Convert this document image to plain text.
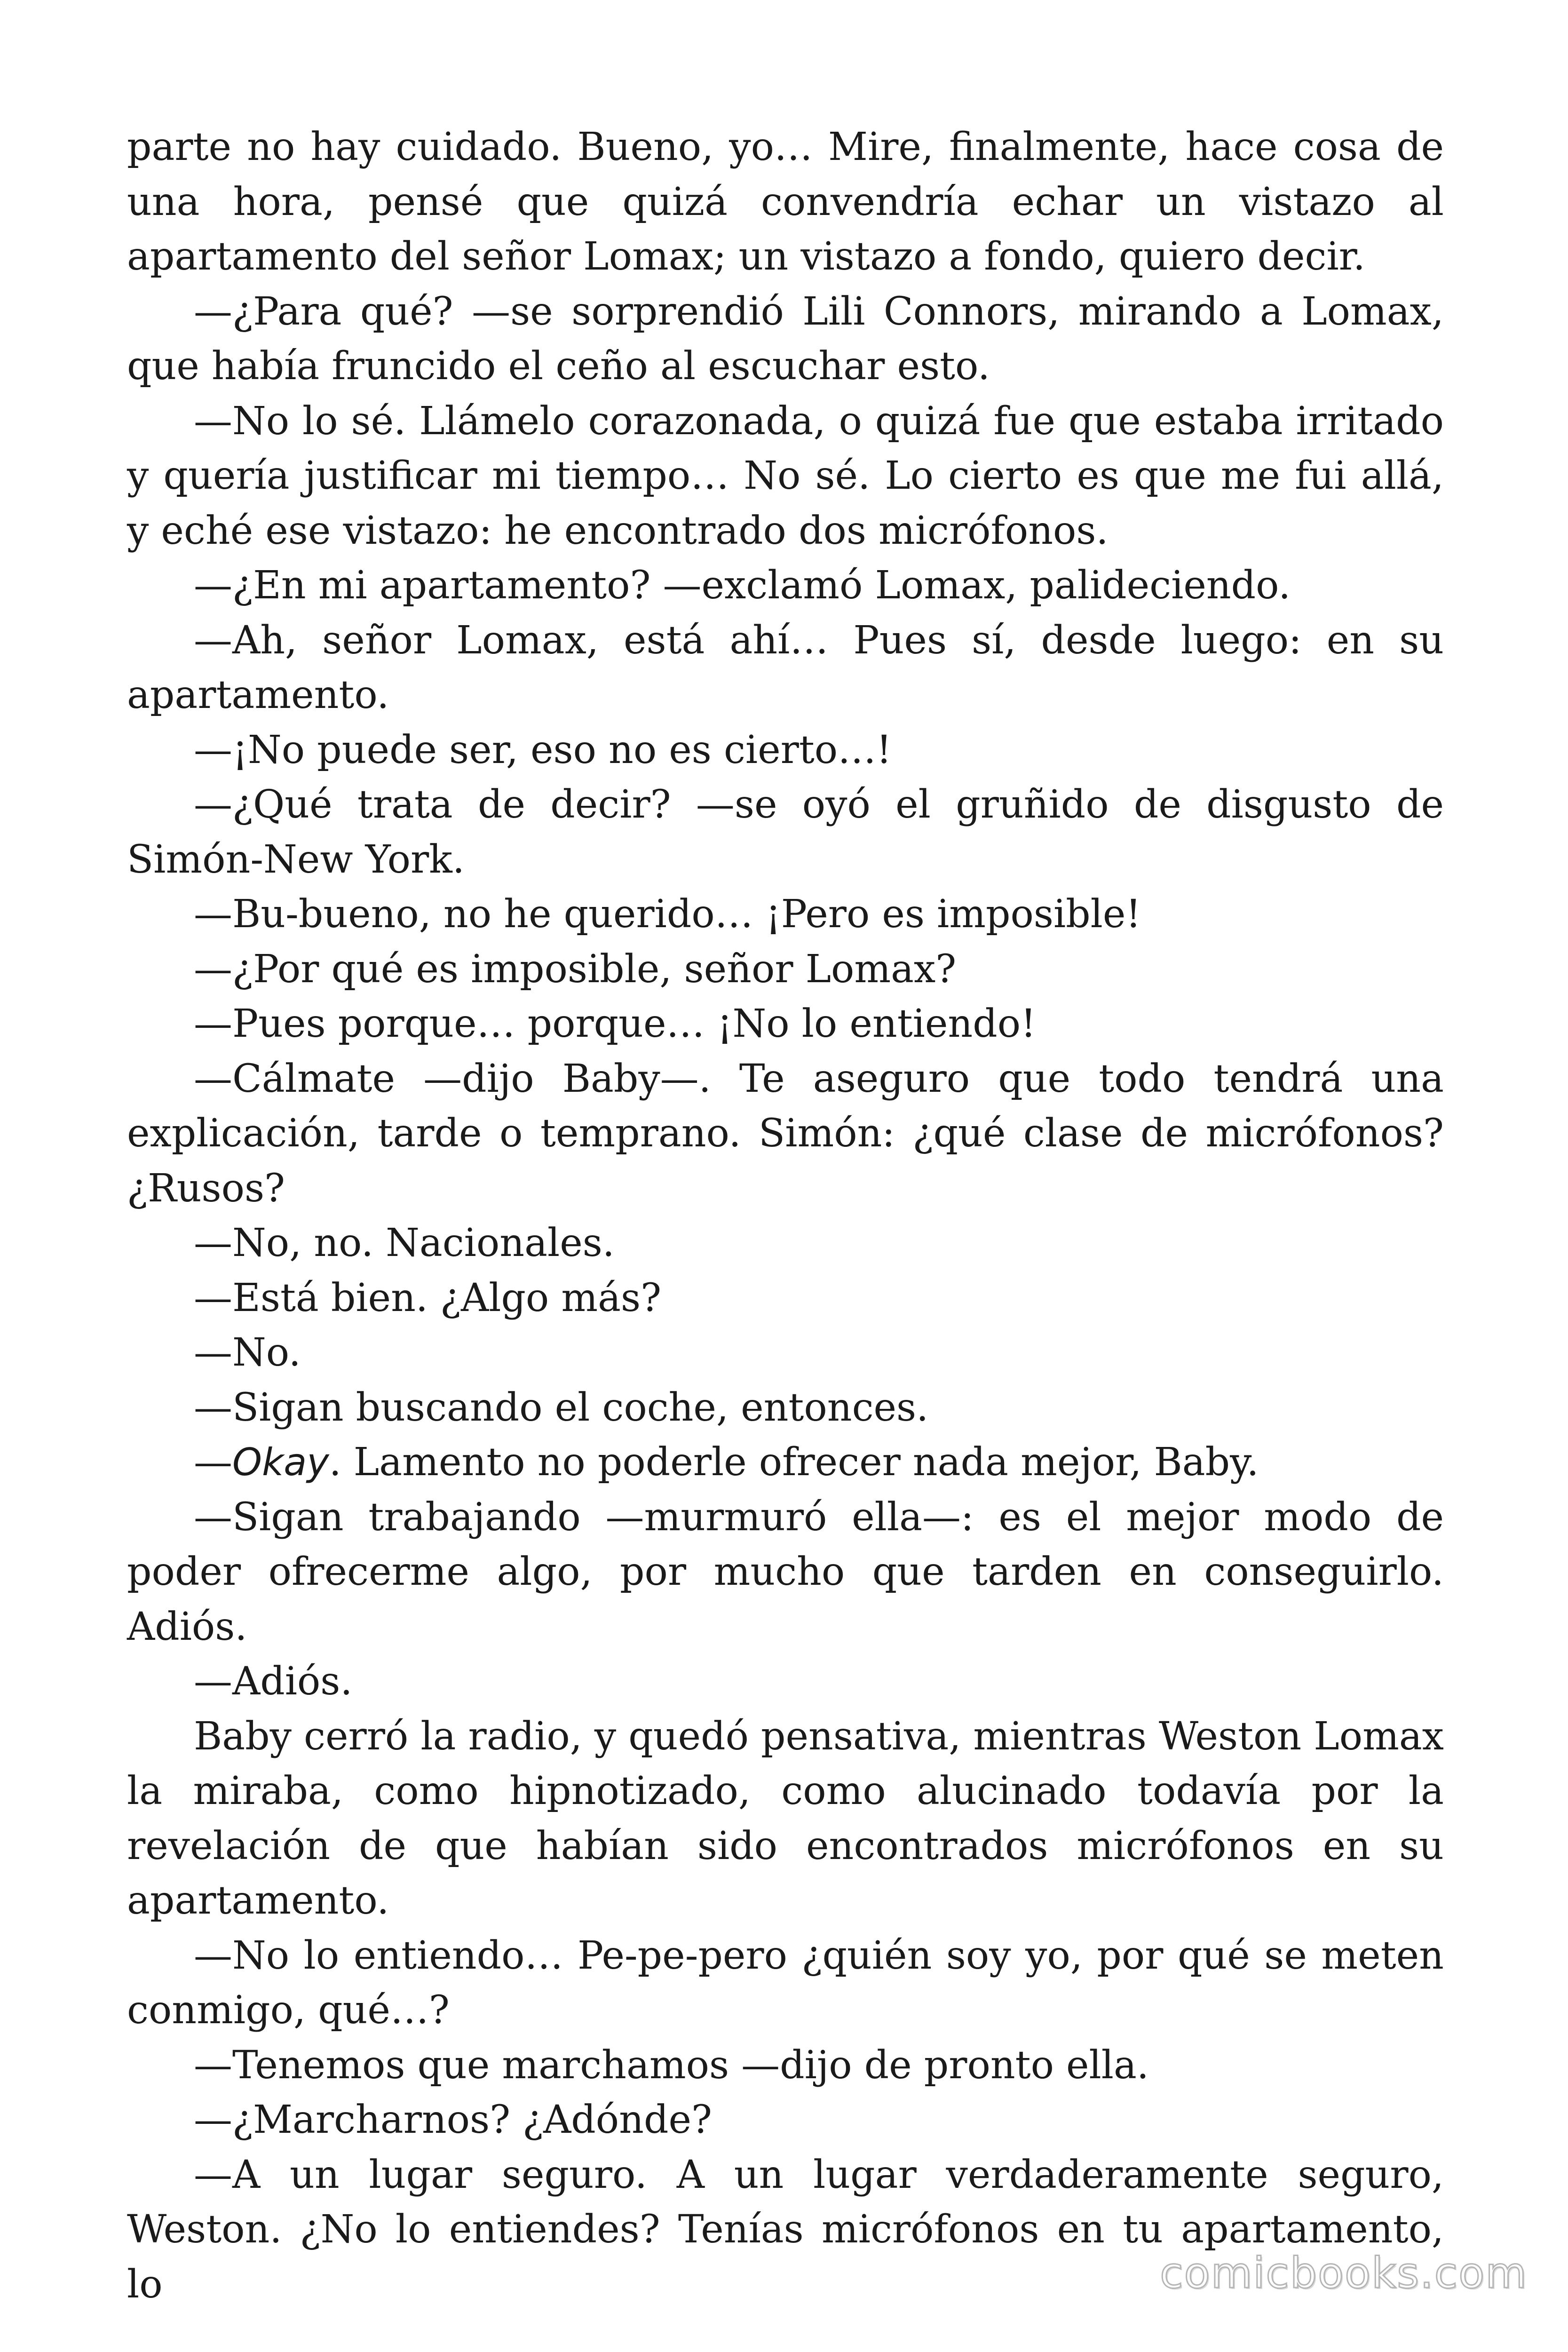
parte no hay cuidado. Bueno, yo… Mire, finalmente, hace cosa de una hora, pensé que quizá convendría echar un vistazo al apartamento del señor Lomax; un vistazo a fondo, quiero decir.

—¿Para qué? —se sorprendió Lili Connors, mirando a Lomax, que había fruncido el ceño al escuchar esto.

—No lo sé. Llámelo corazonada, o quizá fue que estaba irritado y quería justificar mi tiempo… No sé. Lo cierto es que me fui allá, y eché ese vistazo: he encontrado dos micrófonos.

—¿En mi apartamento? —exclamó Lomax, palideciendo.

—Ah, señor Lomax, está ahí… Pues sí, desde luego: en su apartamento.

—¡No puede ser, eso no es cierto…!

—¿Qué trata de decir? —se oyó el gruñido de disgusto de Simón-New York.

—Bu-bueno, no he querido… ¡Pero es imposible!

—¿Por qué es imposible, señor Lomax?

—Pues porque… porque… ¡No lo entiendo!

—Cálmate —dijo Baby—. Te aseguro que todo tendrá una explicación, tarde o temprano. Simón: ¿qué clase de micrófonos? ¿Rusos?

—No, no. Nacionales.

—Está bien. ¿Algo más?

—No.

—Sigan buscando el coche, entonces.

—Okay. Lamento no poderle ofrecer nada mejor, Baby.

—Sigan trabajando —murmuró ella—: es el mejor modo de poder ofrecerme algo, por mucho que tarden en conseguirlo. Adiós.

—Adiós.

Baby cerró la radio, y quedó pensativa, mientras Weston Lomax la miraba, como hipnotizado, como alucinado todavía por la revelación de que habían sido encontrados micrófonos en su apartamento.

—No lo entiendo… Pe-pe-pero ¿quién soy yo, por qué se meten conmigo, qué…?

—Tenemos que marchamos —dijo de pronto ella.

—¿Marcharnos? ¿Adónde?

—A un lugar seguro. A un lugar verdaderamente seguro, Weston. ¿No lo entiendes? Tenías micrófonos en tu apartamento, lo	comicbooks.com
